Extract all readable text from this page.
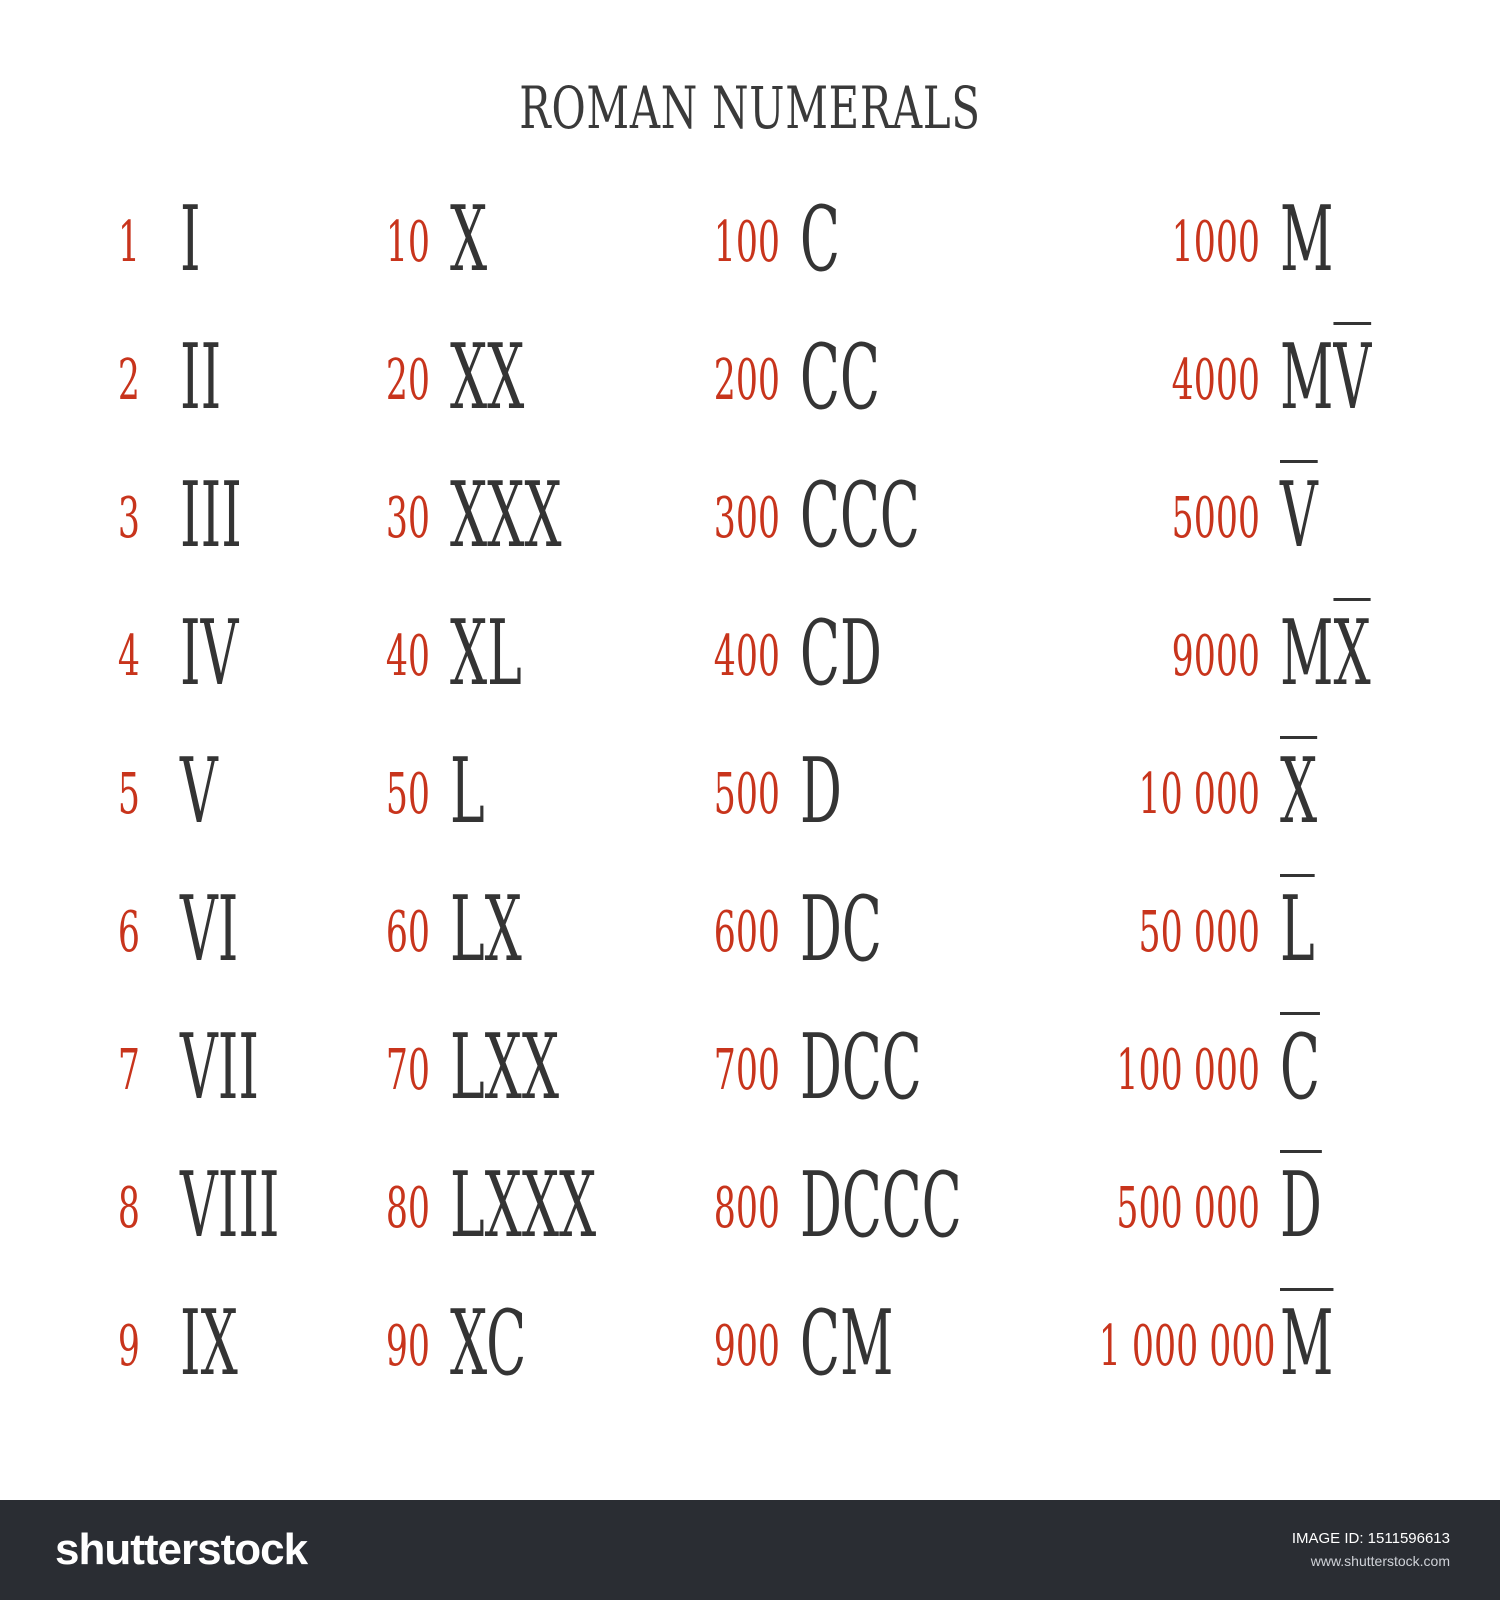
ROMAN NUMERALS
1 I
2 II
3 III
4 IV
5 V
6 VI
7 VII
8 VIII
9 IX
10 X
20 XX
30 XXX
40 XL
50 L
60 LX
70 LXX
80 LXXX
90 XC
100 C
200 CC
300 CCC
400 CD
500 D
600 DC
700 DCC
800 DCCC
900 CM
1000 M
4000 $M\overline{V}$
5000 $\overline{V}$
9000 $M\overline{X}$
10 000 $\overline{X}$
50 000 $\overline{L}$
100 000 $\overline{C}$
500 000 $\overline{D}$
1 000 000 $\overline{M}$
shutterstock	IMAGE ID: 1511596613
www.shutterstock.com
